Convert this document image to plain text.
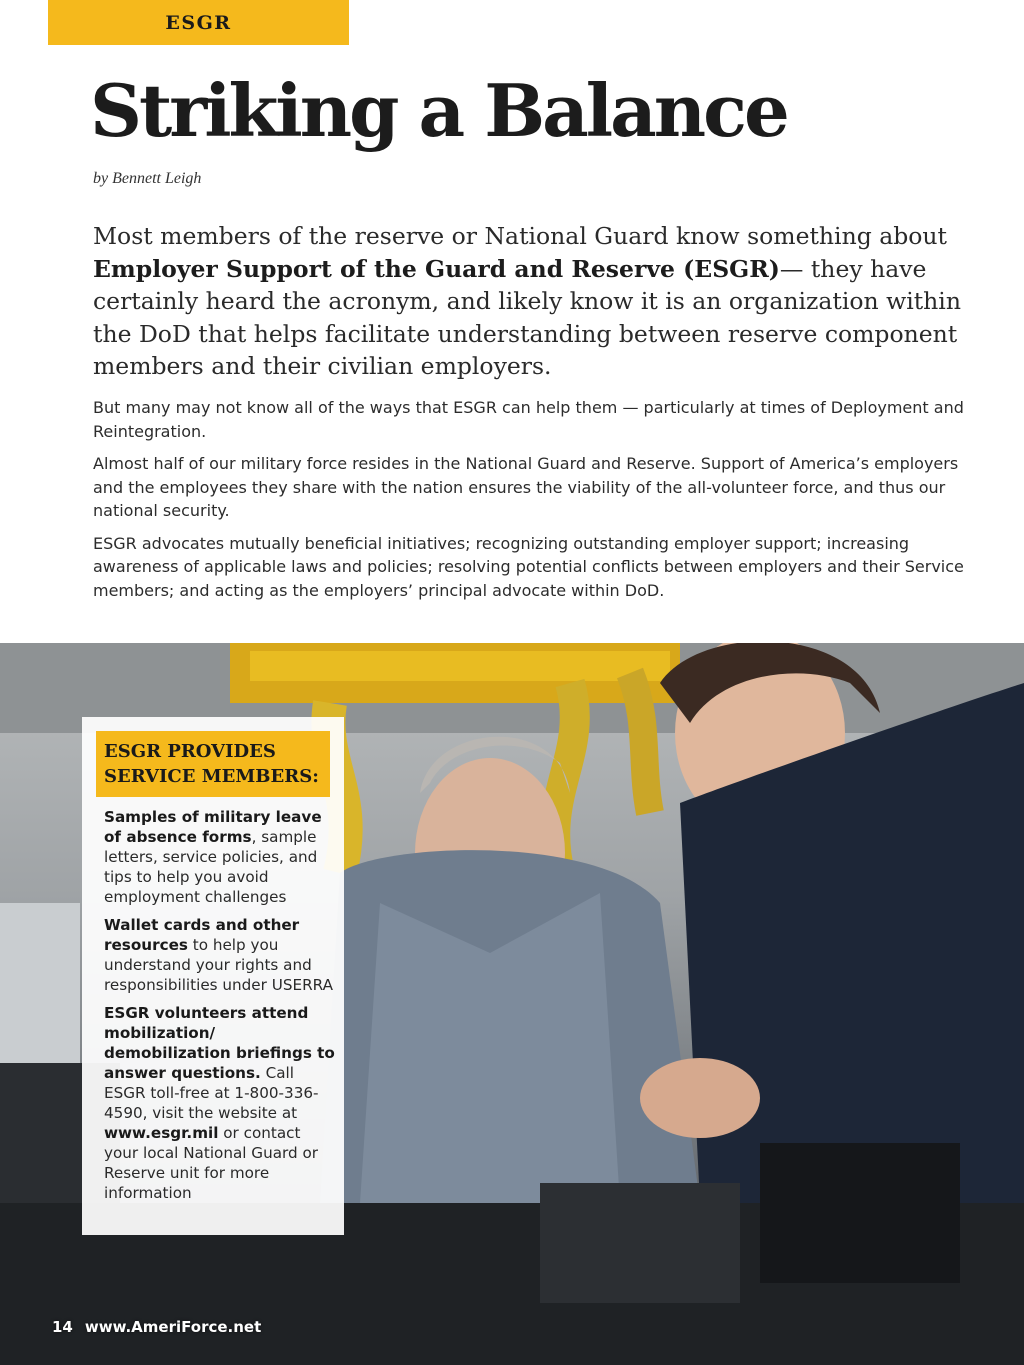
ESGR
Striking a Balance
by Bennett Leigh

Most members of the reserve or National Guard know something about Employer Support of the Guard and Reserve (ESGR)— they have certainly heard the acronym, and likely know it is an organization within the DoD that helps facilitate understanding between reserve component members and their civilian employers.

But many may not know all of the ways that ESGR can help them — particularly at times of Deployment and Reintegration.

Almost half of our military force resides in the National Guard and Reserve. Support of America’s employers and the employees they share with the nation ensures the viability of the all-volunteer force, and thus our national security.

ESGR advocates mutually beneficial initiatives; recognizing outstanding employer support; increasing awareness of applicable laws and policies; resolving potential conflicts between employers and their Service members; and acting as the employers’ principal advocate within DoD.

ESGR PROVIDES
SERVICE MEMBERS:

Samples of military leave of absence forms, sample letters, service policies, and tips to help you avoid employment challenges

Wallet cards and other resources to help you understand your rights and responsibilities under USERRA

ESGR volunteers attend mobilization/ demobilization briefings to answer questions. Call ESGR toll-free at 1-800-336-4590, visit the website at www.esgr.mil or contact your local National Guard or Reserve unit for more information

14 www.AmeriForce.net
